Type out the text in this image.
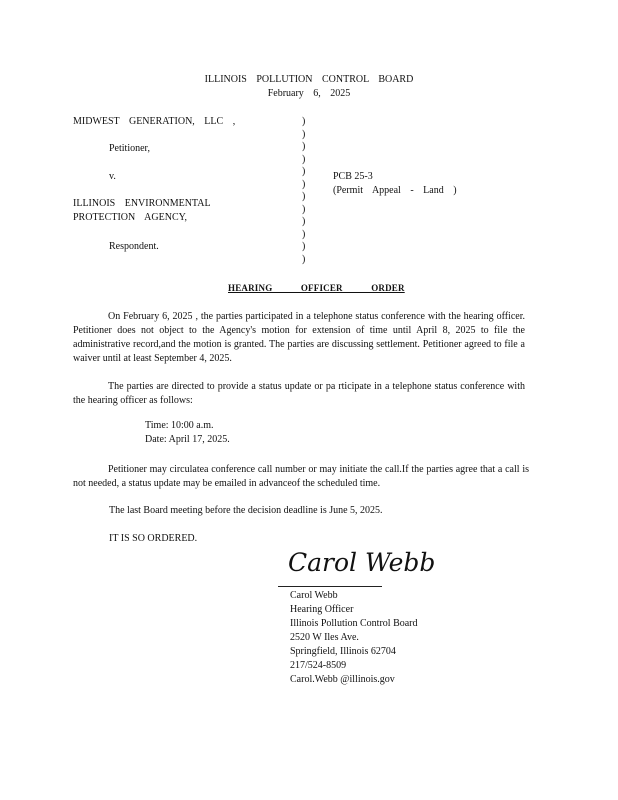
ILLINOIS POLLUTION CONTROL BOARD
February 6, 2025
MIDWEST GENERATION, LLC ,
Petitioner,
v.
ILLINOIS ENVIRONMENTAL
PROTECTION AGENCY,
Respondent.
)
)
)
)
)
)
)
)
)
)
)
)
PCB 25-3
(Permit Appeal - Land )
HEARING OFFICER ORDER
On February 6, 2025 , the parties participated in a telephone status conference with the hearing officer. Petitioner does not object to the Agency's motion for extension of time until April 8, 2025 to file the administrative record,and the motion is granted. The parties are discussing settlement. Petitioner agreed to file a waiver until at least September 4, 2025.
The parties are directed to provide a status update or pa rticipate in a telephone status conference with the hearing officer as follows:
Time: 10:00 a.m.
Date: April 17, 2025.
Petitioner may circulatea conference call number or may initiate the call.If the parties agree that a call is not needed, a status update may be emailed in advanceof the scheduled time.
The last Board meeting before the decision deadline is June 5, 2025.
IT IS SO ORDERED.
Carol Webb
Carol Webb
Hearing Officer
Illinois Pollution Control Board
2520 W Iles Ave.
Springfield, Illinois 62704
217/524-8509
Carol.Webb @illinois.gov
